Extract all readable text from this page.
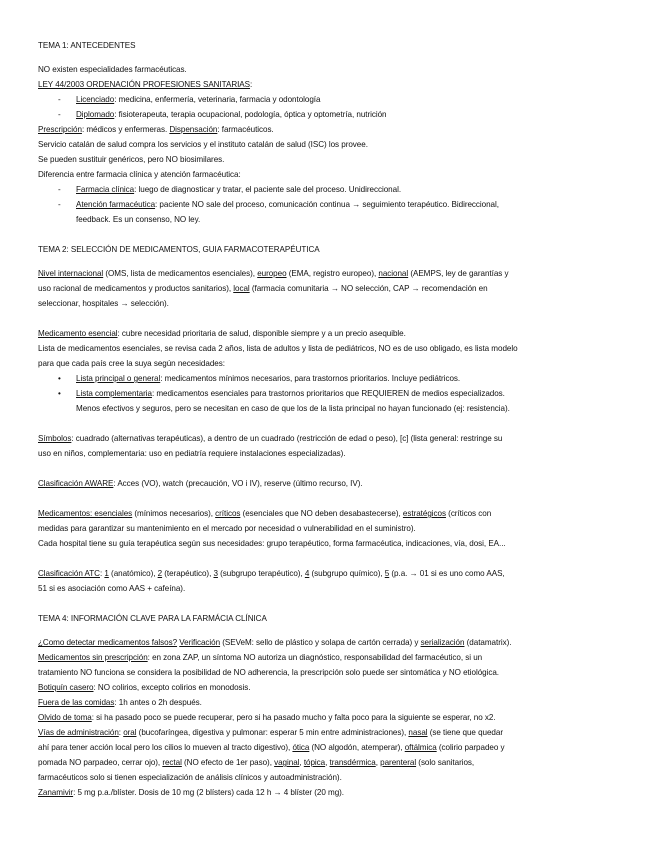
TEMA 1: ANTECEDENTES
NO existen especialidades farmacéuticas.
LEY 44/2003 ORDENACIÓN PROFESIONES SANITARIAS:
- Licenciado: medicina, enfermería, veterinaria, farmacia y odontología
- Diplomado: fisioterapeuta, terapia ocupacional, podología, óptica y optometría, nutrición
Prescripción: médicos y enfermeras. Dispensación: farmacéuticos.
Servicio catalán de salud compra los servicios y el instituto catalán de salud (ISC) los provee.
Se pueden sustituir genéricos, pero NO biosimilares.
Diferencia entre farmacia clínica y atención farmacéutica:
- Farmacia clínica: luego de diagnosticar y tratar, el paciente sale del proceso. Unidireccional.
- Atención farmacéutica: paciente NO sale del proceso, comunicación continua → seguimiento terapéutico. Bidireccional,
feedback. Es un consenso, NO ley.
TEMA 2: SELECCIÓN DE MEDICAMENTOS, GUIA FARMACOTERAPÉUTICA
Nivel internacional (OMS, lista de medicamentos esenciales), europeo (EMA, registro europeo), nacional (AEMPS, ley de garantías y
uso racional de medicamentos y productos sanitarios), local (farmacia comunitaria → NO selección, CAP → recomendación en
seleccionar, hospitales → selección).
Medicamento esencial: cubre necesidad prioritaria de salud, disponible siempre y a un precio asequible.
Lista de medicamentos esenciales, se revisa cada 2 años, lista de adultos y lista de pediátricos, NO es de uso obligado, es lista modelo
para que cada país cree la suya según necesidades:
• Lista principal o general: medicamentos mínimos necesarios, para trastornos prioritarios. Incluye pediátricos.
• Lista complementaria: medicamentos esenciales para trastornos prioritarios que REQUIEREN de medios especializados.
Menos efectivos y seguros, pero se necesitan en caso de que los de la lista principal no hayan funcionado (ej: resistencia).
Símbolos: cuadrado (alternativas terapéuticas), a dentro de un cuadrado (restricción de edad o peso), [c] (lista general: restringe su
uso en niños, complementaria: uso en pediatría requiere instalaciones especializadas).
Clasificación AWARE: Acces (VO), watch (precaución, VO i IV), reserve (último recurso, IV).
Medicamentos: esenciales (mínimos necesarios), críticos (esenciales que NO deben desabastecerse), estratégicos (críticos con
medidas para garantizar su mantenimiento en el mercado por necesidad o vulnerabilidad en el suministro).
Cada hospital tiene su guía terapéutica según sus necesidades: grupo terapéutico, forma farmacéutica, indicaciones, vía, dosi, EA...
Clasificación ATC: 1 (anatómico), 2 (terapéutico), 3 (subgrupo terapéutico), 4 (subgrupo químico), 5 (p.a. → 01 si es uno como AAS,
51 si es asociación como AAS + cafeína).
TEMA 4: INFORMACIÓN CLAVE PARA LA FARMÁCIA CLÍNICA
¿Como detectar medicamentos falsos? Verificación (SEVeM: sello de plástico y solapa de cartón cerrada) y serialización (datamatrix).
Medicamentos sin prescripción: en zona ZAP, un síntoma NO autoriza un diagnóstico, responsabilidad del farmacéutico, si un
tratamiento NO funciona se considera la posibilidad de NO adherencia, la prescripción solo puede ser sintomática y NO etiológica.
Botiquín casero: NO colirios, excepto colirios en monodosis.
Fuera de las comidas: 1h antes o 2h después.
Olvido de toma: si ha pasado poco se puede recuperar, pero si ha pasado mucho y falta poco para la siguiente se esperar, no x2.
Vías de administración: oral (bucofaríngea, digestiva y pulmonar: esperar 5 min entre administraciones), nasal (se tiene que quedar
ahí para tener acción local pero los cilios lo mueven al tracto digestivo), ótica (NO algodón, atemperar), oftálmica (colirio parpadeo y
pomada NO parpadeo, cerrar ojo), rectal (NO efecto de 1er paso), vaginal, tópica, transdérmica, parenteral (solo sanitarios,
farmacéuticos solo si tienen especialización de análisis clínicos y autoadministración).
Zanamivir: 5 mg p.a./blíster. Dosis de 10 mg (2 blísters) cada 12 h → 4 blíster (20 mg).
